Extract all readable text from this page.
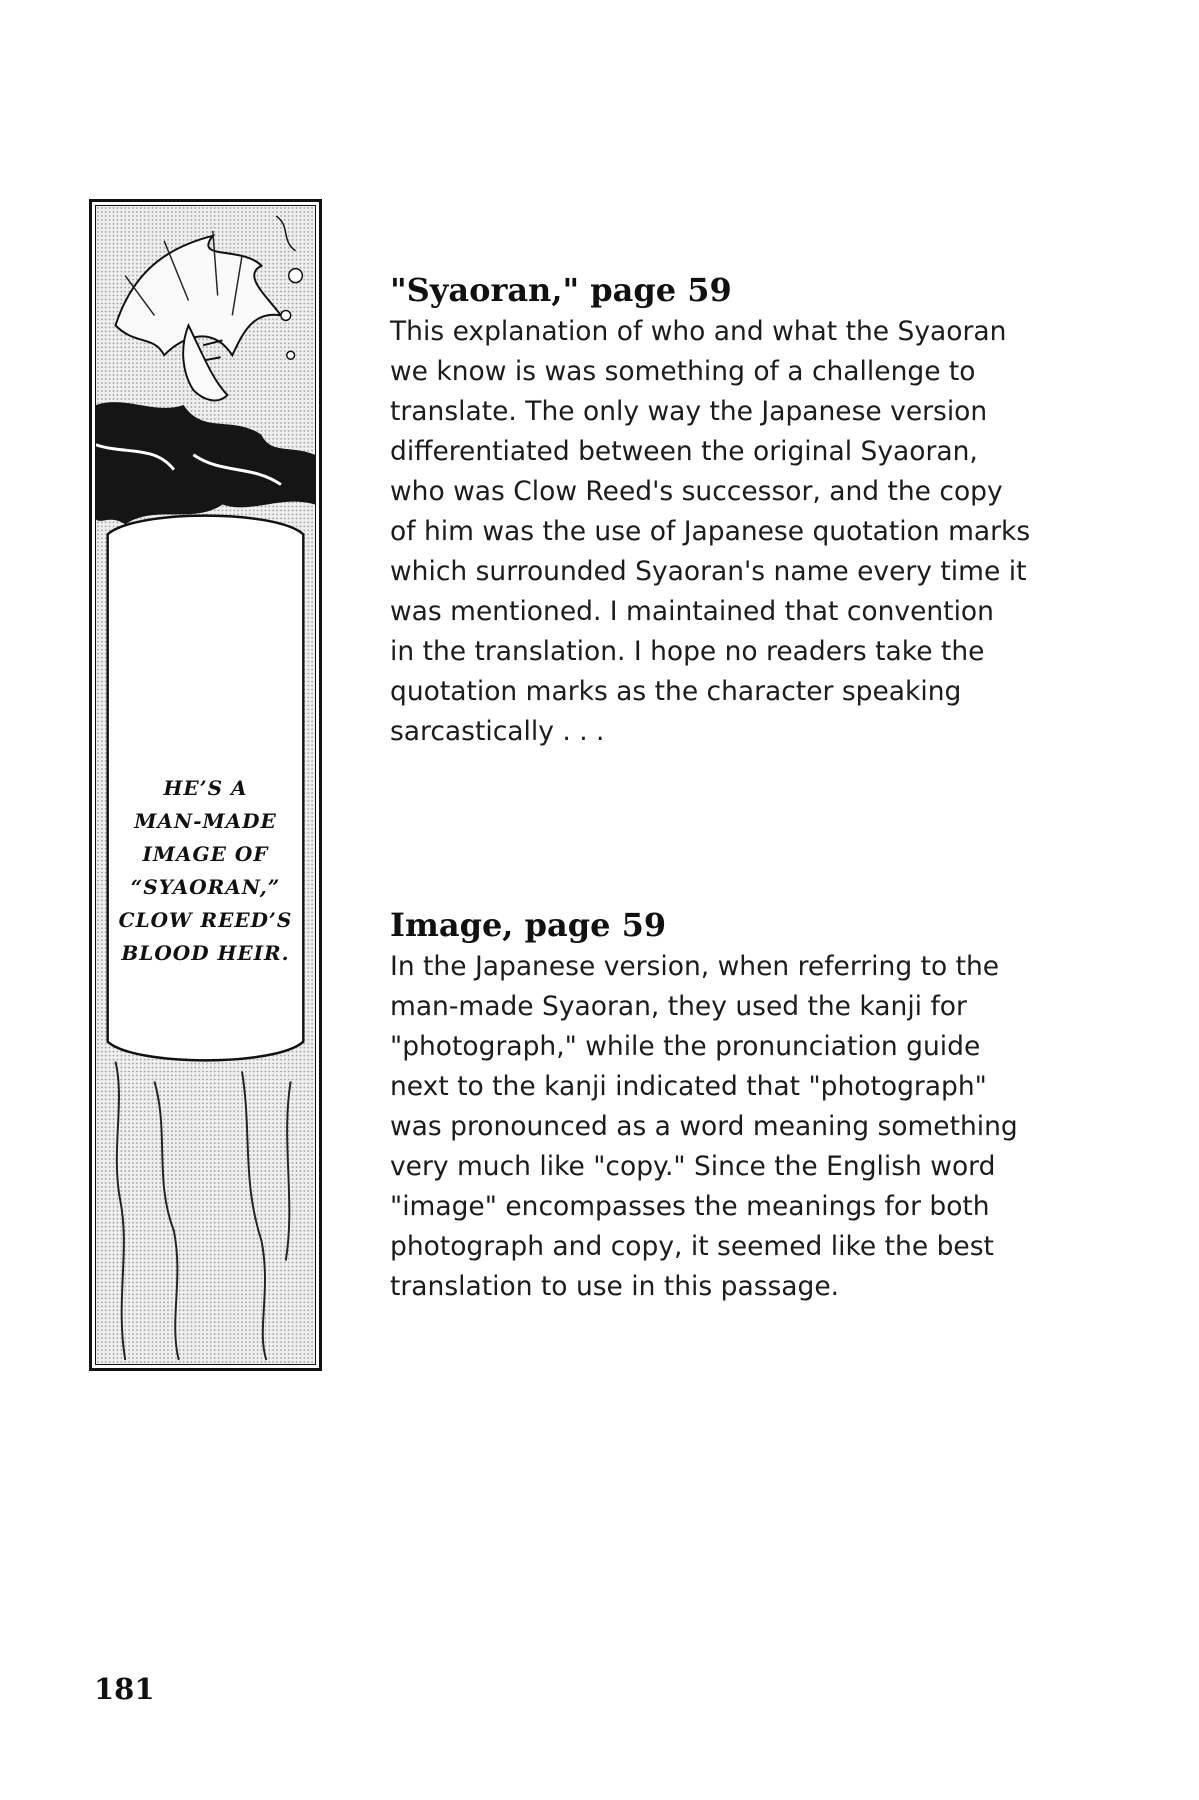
HE’S A
MAN-MADE
IMAGE OF
“SYAORAN,”
CLOW REED’S
BLOOD HEIR.
"Syaoran," page 59

This explanation of who and what the Syaoran
we know is was something of a challenge to
translate. The only way the Japanese version
differentiated between the original Syaoran,
who was Clow Reed's successor, and the copy
of him was the use of Japanese quotation marks
which surrounded Syaoran's name every time it
was mentioned. I maintained that convention
in the translation. I hope no readers take the
quotation marks as the character speaking
sarcastically . . .

Image, page 59

In the Japanese version, when referring to the
man-made Syaoran, they used the kanji for
"photograph," while the pronunciation guide
next to the kanji indicated that "photograph"
was pronounced as a word meaning something
very much like "copy." Since the English word
"image" encompasses the meanings for both
photograph and copy, it seemed like the best
translation to use in this passage.

181
